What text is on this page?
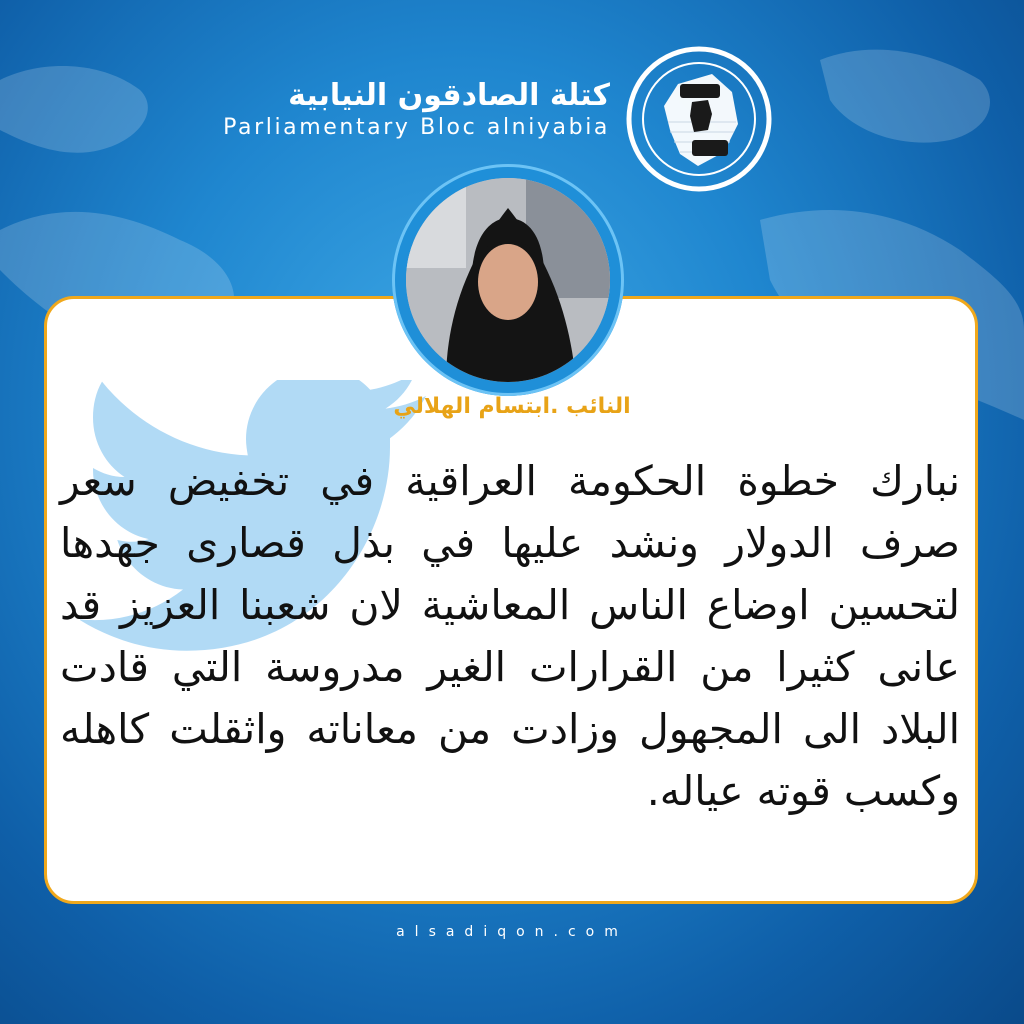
كتلة الصادقون النيابية
Parliamentary Bloc alniyabia
النائب .ابتسام الهلالي
نبارك خطوة الحكومة العراقية في تخفيض سعر صرف الدولار ونشد عليها في بذل قصارى جهدها لتحسين اوضاع الناس المعاشية لان شعبنا العزيز قد عانى كثيرا من القرارات الغير مدروسة التي قادت البلاد الى المجهول وزادت من معاناته واثقلت كاهله وكسب قوته عياله.
alsadiqon.com
